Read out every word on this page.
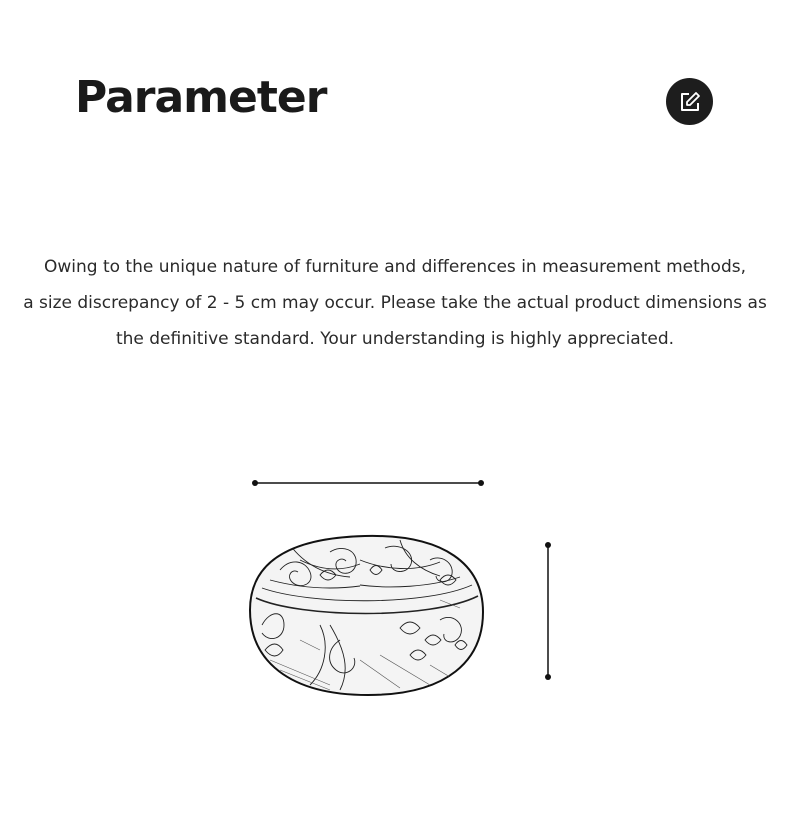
Parameter

Owing to the unique nature of furniture and differences in measurement methods,
a size discrepancy of 2 - 5 cm may occur. Please take the actual product dimensions as
the definitive standard. Your understanding is highly appreciated.
